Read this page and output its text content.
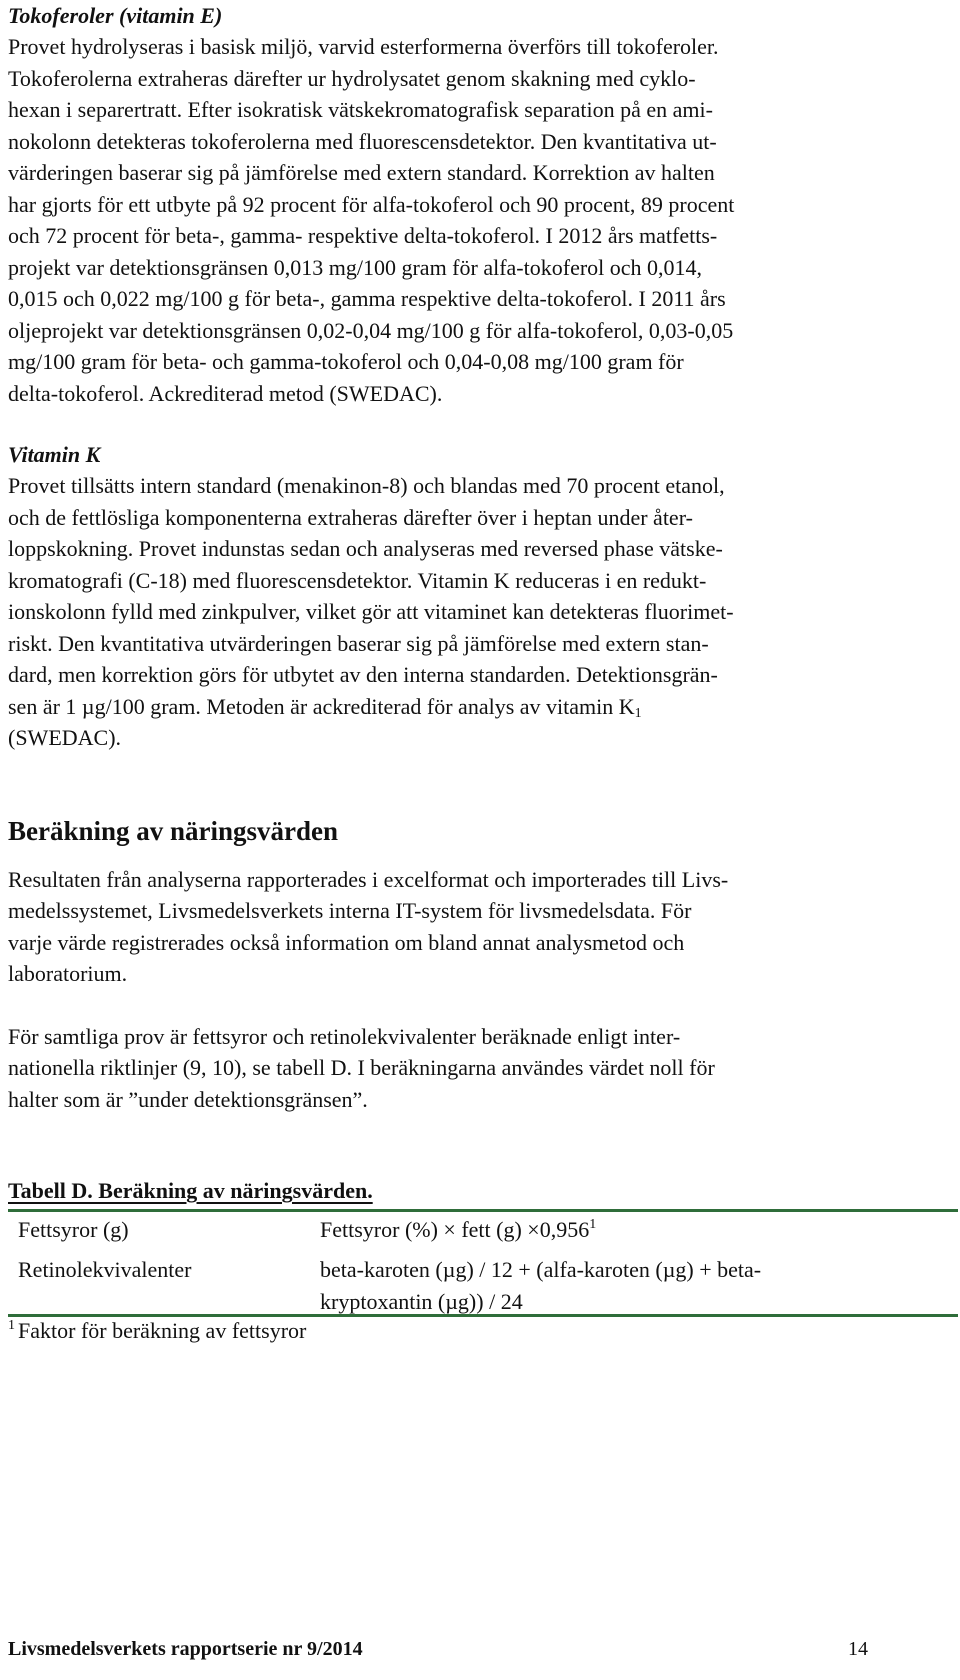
Tokoferoler (vitamin E)

Provet hydrolyseras i basisk miljö, varvid esterformerna överförs till tokoferoler.

Tokoferolerna extraheras därefter ur hydrolysatet genom skakning med cyklo-

hexan i separertratt. Efter isokratisk vätskekromatografisk separation på en ami-

nokolonn detekteras tokoferolerna med fluorescensdetektor. Den kvantitativa ut-

värderingen baserar sig på jämförelse med extern standard. Korrektion av halten

har gjorts för ett utbyte på 92 procent för alfa-tokoferol och 90 procent, 89 procent

och 72 procent för beta-, gamma- respektive delta-tokoferol. I 2012 års matfetts-

projekt var detektionsgränsen 0,013 mg/100 gram för alfa-tokoferol och 0,014,

0,015 och 0,022 mg/100 g för beta-, gamma respektive delta-tokoferol. I 2011 års

oljeprojekt var detektionsgränsen 0,02-0,04 mg/100 g för alfa-tokoferol, 0,03-0,05

mg/100 gram för beta- och gamma-tokoferol och 0,04-0,08 mg/100 gram för

delta-tokoferol. Ackrediterad metod (SWEDAC).

Vitamin K

Provet tillsätts intern standard (menakinon-8) och blandas med 70 procent etanol,

och de fettlösliga komponenterna extraheras därefter över i heptan under åter-

loppskokning. Provet indunstas sedan och analyseras med reversed phase vätske-

kromatografi (C-18) med fluorescensdetektor. Vitamin K reduceras i en redukt-

ionskolonn fylld med zinkpulver, vilket gör att vitaminet kan detekteras fluorimet-

riskt. Den kvantitativa utvärderingen baserar sig på jämförelse med extern stan-

dard, men korrektion görs för utbytet av den interna standarden. Detektionsgrän-

sen är 1 µg/100 gram. Metoden är ackrediterad för analys av vitamin $K_1$

(SWEDAC).

Beräkning av näringsvärden

Resultaten från analyserna rapporterades i excelformat och importerades till Livs-

medelssystemet, Livsmedelsverkets interna IT-system för livsmedelsdata. För

varje värde registrerades också information om bland annat analysmetod och

laboratorium.

För samtliga prov är fettsyror och retinolekvivalenter beräknade enligt inter-

nationella riktlinjer (9, 10), se tabell D. I beräkningarna användes värdet noll för

halter som är ”under detektionsgränsen”.

Tabell D. Beräkning av näringsvärden.

Fettsyror (g)	Fettsyror (%) × fett $(g) \times 0,956^1$
Retinolekvivalenter	beta-karoten (µg) / 12 + (alfa-karoten (µg) + beta-
kryptoxantin (µg)) / 24
$^1$ Faktor för beräkning av fettsyror
Livsmedelsverkets rapportserie nr 9/2014	14
